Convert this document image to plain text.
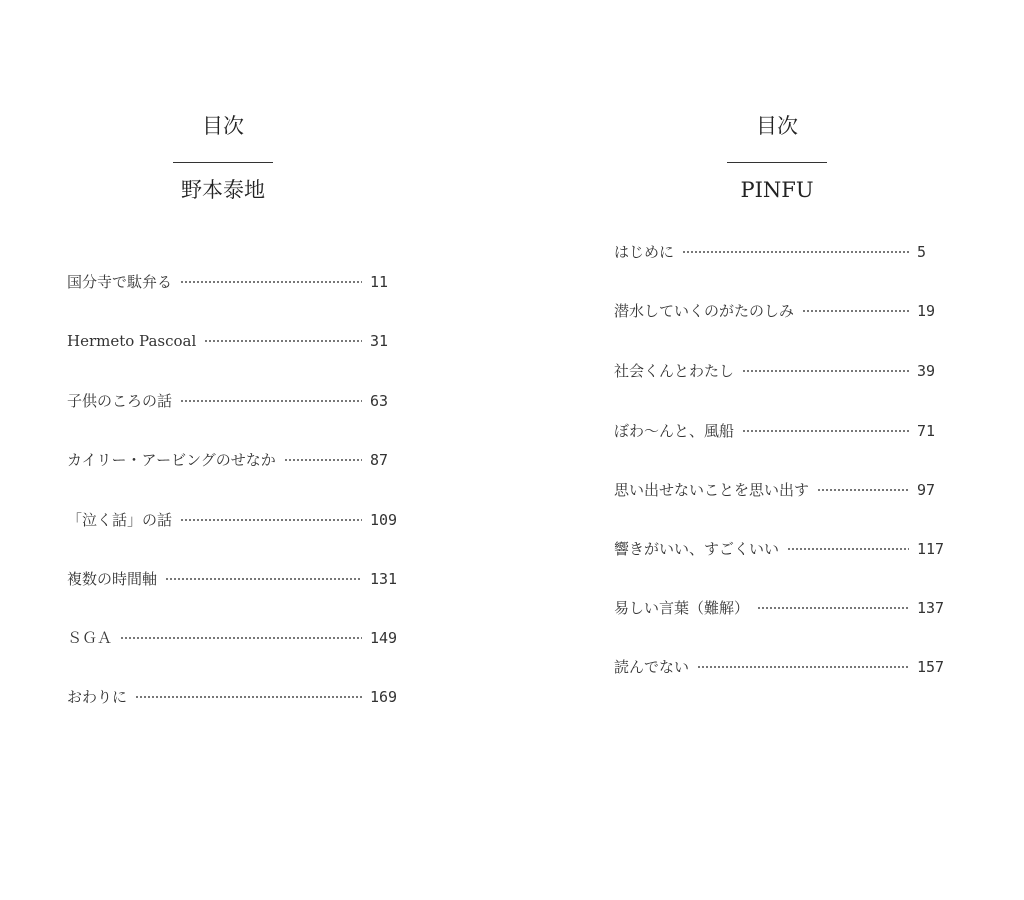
目次
野本泰地
国分寺で駄弁る	11
Hermeto Pascoal	31
子供のころの話	63
カイリー・アービングのせなか	87
「泣く話」の話	109
複数の時間軸	131
ＳＧＡ	149
おわりに	169
目次
PINFU
はじめに	5
潜水していくのがたのしみ	19
社会くんとわたし	39
ぼわ〜んと、風船	71
思い出せないことを思い出す	97
響きがいい、すごくいい	117
易しい言葉（難解）	137
読んでない	157
